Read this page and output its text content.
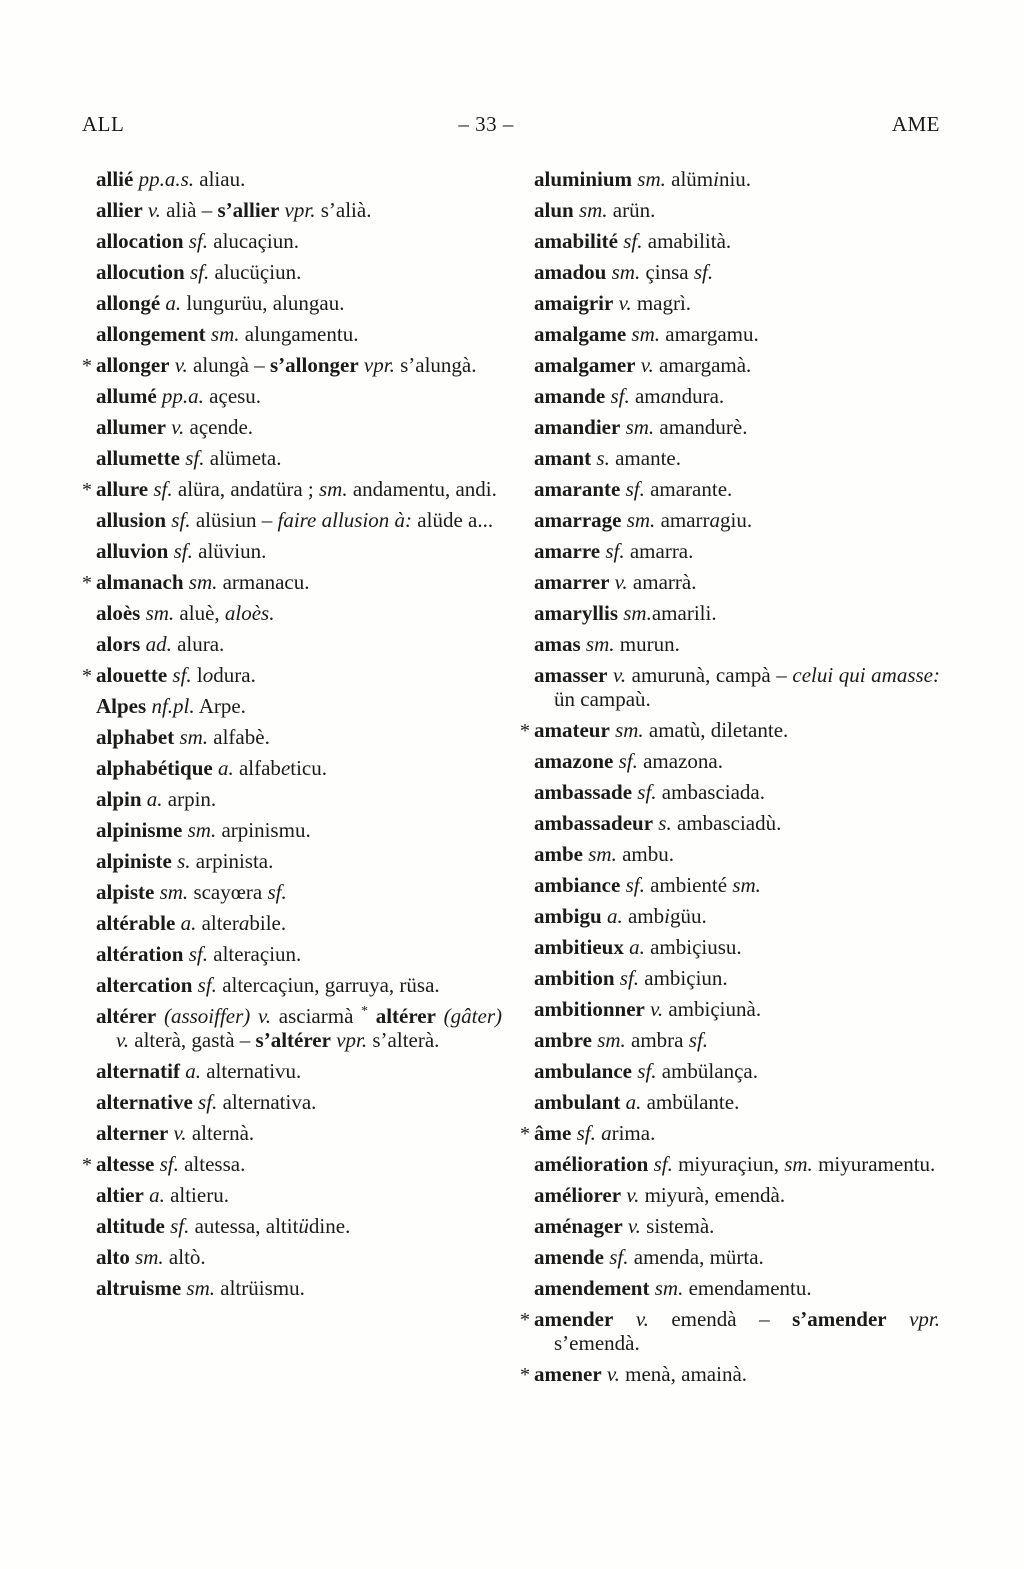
ALL	– 33 –	AME

allié pp.a.s. aliau.

allier v. alià – s’allier vpr. s’alià.

allocation sf. alucaçiun.

allocution sf. alucüçiun.

allongé a. lungurüu, alungau.

allongement sm. alungamentu.

* allonger v. alungà – s’allonger vpr. s’alungà.

allumé pp.a. açesu.

allumer v. açende.

allumette sf. alümeta.

* allure sf. alüra, andatüra ; sm. andamentu, andi.

allusion sf. alüsiun – faire allusion à: alüde a...

alluvion sf. alüviun.

* almanach sm. armanacu.

aloès sm. aluè, aloès.

alors ad. alura.

* alouette sf. lodura.

Alpes nf.pl. Arpe.

alphabet sm. alfabè.

alphabétique a. alfabeticu.

alpin a. arpin.

alpinisme sm. arpinismu.

alpiniste s. arpinista.

alpiste sm. scayœra sf.

altérable a. alterabile.

altération sf. alteraçiun.

altercation sf. altercaçiun, garruya, rüsa.

altérer (assoiffer) v. asciarmà * altérer (gâter) v. alterà, gastà – s’altérer vpr. s’alterà.

alternatif a. alternativu.

alternative sf. alternativa.

alterner v. alternà.

* altesse sf. altessa.

altier a. altieru.

altitude sf. autessa, altitüdine.

alto sm. altò.

altruisme sm. altrüismu.

aluminium sm. alüminiu.

alun sm. arün.

amabilité sf. amabilità.

amadou sm. çinsa sf.

amaigrir v. magrì.

amalgame sm. amargamu.

amalgamer v. amargamà.

amande sf. amandura.

amandier sm. amandurè.

amant s. amante.

amarante sf. amarante.

amarrage sm. amarragiu.

amarre sf. amarra.

amarrer v. amarrà.

amaryllis sm.amarili.

amas sm. murun.

amasser v. amurunà, campà – celui qui amasse: ün campaù.

* amateur sm. amatù, diletante.

amazone sf. amazona.

ambassade sf. ambasciada.

ambassadeur s. ambasciadù.

ambe sm. ambu.

ambiance sf. ambienté sm.

ambigu a. ambigüu.

ambitieux a. ambiçiusu.

ambition sf. ambiçiun.

ambitionner v. ambiçiunà.

ambre sm. ambra sf.

ambulance sf. ambülança.

ambulant a. ambülante.

* âme sf. arima.

amélioration sf. miyuraçiun, sm. miyuramentu.

améliorer v. miyurà, emendà.

aménager v. sistemà.

amende sf. amenda, mürta.

amendement sm. emendamentu.

* amender v. emendà – s’amender vpr. s’emendà.

* amener v. menà, amainà.
